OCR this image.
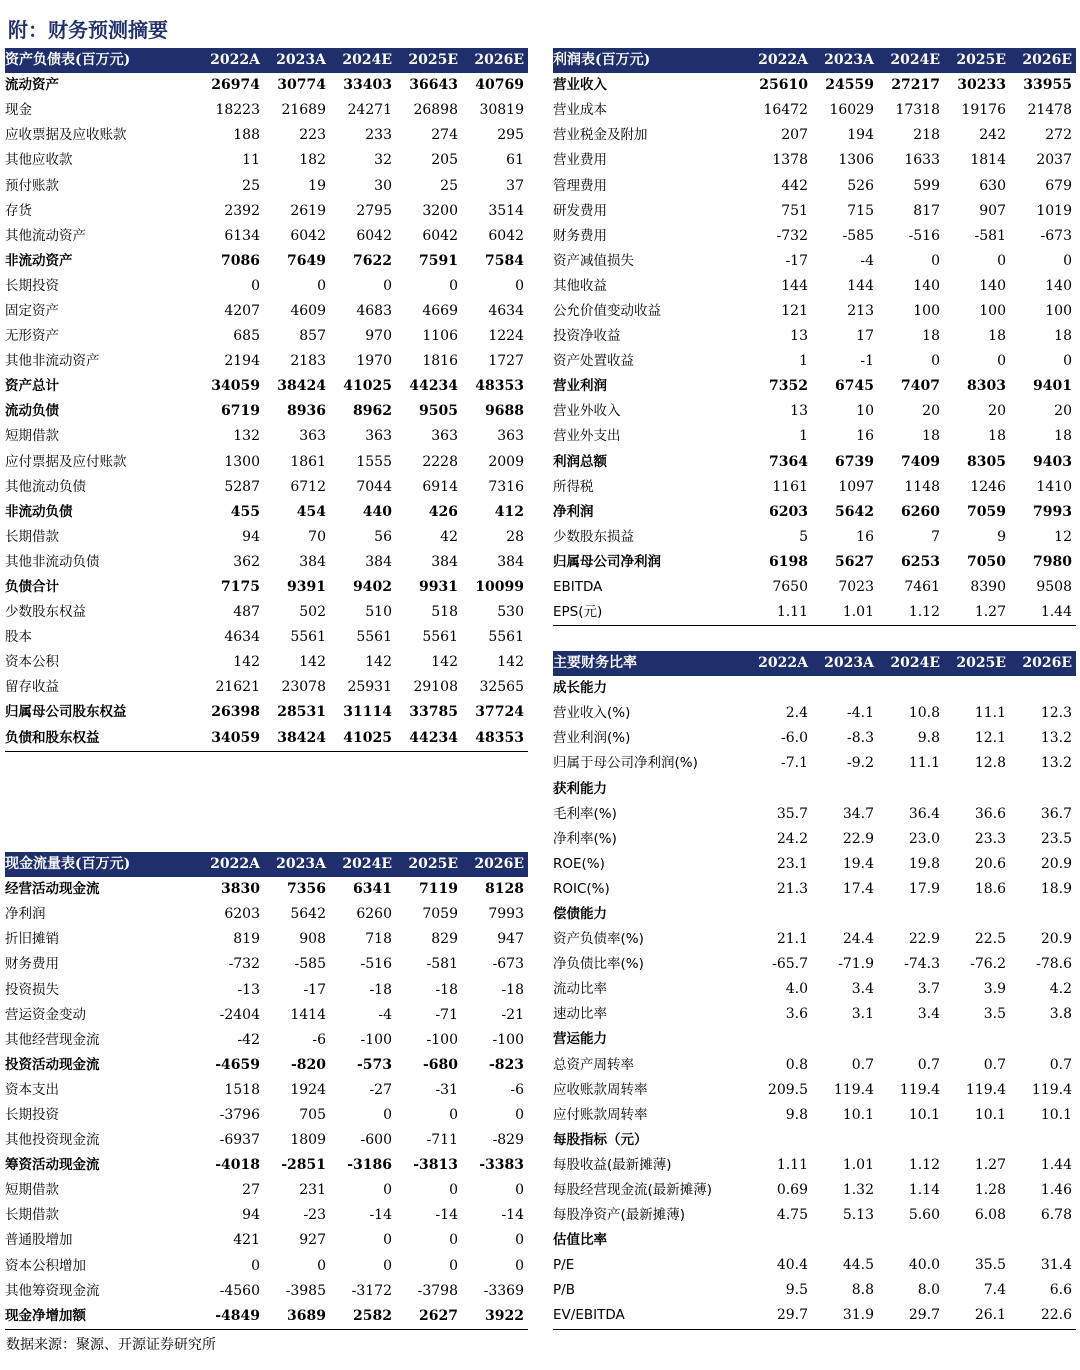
附：财务预测摘要
资产负债表(百万元)	2022A	2023A	2024E	2025E	2026E
流动资产	26974	30774	33403	36643	40769
现金	18223	21689	24271	26898	30819
应收票据及应收账款	188	223	233	274	295
其他应收款	11	182	32	205	61
预付账款	25	19	30	25	37
存货	2392	2619	2795	3200	3514
其他流动资产	6134	6042	6042	6042	6042
非流动资产	7086	7649	7622	7591	7584
长期投资	0	0	0	0	0
固定资产	4207	4609	4683	4669	4634
无形资产	685	857	970	1106	1224
其他非流动资产	2194	2183	1970	1816	1727
资产总计	34059	38424	41025	44234	48353
流动负债	6719	8936	8962	9505	9688
短期借款	132	363	363	363	363
应付票据及应付账款	1300	1861	1555	2228	2009
其他流动负债	5287	6712	7044	6914	7316
非流动负债	455	454	440	426	412
长期借款	94	70	56	42	28
其他非流动负债	362	384	384	384	384
负债合计	7175	9391	9402	9931	10099
少数股东权益	487	502	510	518	530
股本	4634	5561	5561	5561	5561
资本公积	142	142	142	142	142
留存收益	21621	23078	25931	29108	32565
归属母公司股东权益	26398	28531	31114	33785	37724
负债和股东权益	34059	38424	41025	44234	48353
利润表(百万元)	2022A	2023A	2024E	2025E	2026E
营业收入	25610	24559	27217	30233	33955
营业成本	16472	16029	17318	19176	21478
营业税金及附加	207	194	218	242	272
营业费用	1378	1306	1633	1814	2037
管理费用	442	526	599	630	679
研发费用	751	715	817	907	1019
财务费用	-732	-585	-516	-581	-673
资产减值损失	-17	-4	0	0	0
其他收益	144	144	140	140	140
公允价值变动收益	121	213	100	100	100
投资净收益	13	17	18	18	18
资产处置收益	1	-1	0	0	0
营业利润	7352	6745	7407	8303	9401
营业外收入	13	10	20	20	20
营业外支出	1	16	18	18	18
利润总额	7364	6739	7409	8305	9403
所得税	1161	1097	1148	1246	1410
净利润	6203	5642	6260	7059	7993
少数股东损益	5	16	7	9	12
归属母公司净利润	6198	5627	6253	7050	7980
EBITDA	7650	7023	7461	8390	9508
EPS(元)	1.11	1.01	1.12	1.27	1.44
主要财务比率	2022A	2023A	2024E	2025E	2026E
成长能力					
营业收入(%)	2.4	-4.1	10.8	11.1	12.3
营业利润(%)	-6.0	-8.3	9.8	12.1	13.2
归属于母公司净利润(%)	-7.1	-9.2	11.1	12.8	13.2
获利能力					
毛利率(%)	35.7	34.7	36.4	36.6	36.7
净利率(%)	24.2	22.9	23.0	23.3	23.5
ROE(%)	23.1	19.4	19.8	20.6	20.9
ROIC(%)	21.3	17.4	17.9	18.6	18.9
偿债能力					
资产负债率(%)	21.1	24.4	22.9	22.5	20.9
净负债比率(%)	-65.7	-71.9	-74.3	-76.2	-78.6
流动比率	4.0	3.4	3.7	3.9	4.2
速动比率	3.6	3.1	3.4	3.5	3.8
营运能力					
总资产周转率	0.8	0.7	0.7	0.7	0.7
应收账款周转率	209.5	119.4	119.4	119.4	119.4
应付账款周转率	9.8	10.1	10.1	10.1	10.1
每股指标（元）					
每股收益(最新摊薄)	1.11	1.01	1.12	1.27	1.44
每股经营现金流(最新摊薄)	0.69	1.32	1.14	1.28	1.46
每股净资产(最新摊薄)	4.75	5.13	5.60	6.08	6.78
估值比率					
P/E	40.4	44.5	40.0	35.5	31.4
P/B	9.5	8.8	8.0	7.4	6.6
EV/EBITDA	29.7	31.9	29.7	26.1	22.6
现金流量表(百万元)	2022A	2023A	2024E	2025E	2026E
经营活动现金流	3830	7356	6341	7119	8128
净利润	6203	5642	6260	7059	7993
折旧摊销	819	908	718	829	947
财务费用	-732	-585	-516	-581	-673
投资损失	-13	-17	-18	-18	-18
营运资金变动	-2404	1414	-4	-71	-21
其他经营现金流	-42	-6	-100	-100	-100
投资活动现金流	-4659	-820	-573	-680	-823
资本支出	1518	1924	-27	-31	-6
长期投资	-3796	705	0	0	0
其他投资现金流	-6937	1809	-600	-711	-829
筹资活动现金流	-4018	-2851	-3186	-3813	-3383
短期借款	27	231	0	0	0
长期借款	94	-23	-14	-14	-14
普通股增加	421	927	0	0	0
资本公积增加	0	0	0	0	0
其他筹资现金流	-4560	-3985	-3172	-3798	-3369
现金净增加额	-4849	3689	2582	2627	3922
数据来源：聚源、开源证券研究所
